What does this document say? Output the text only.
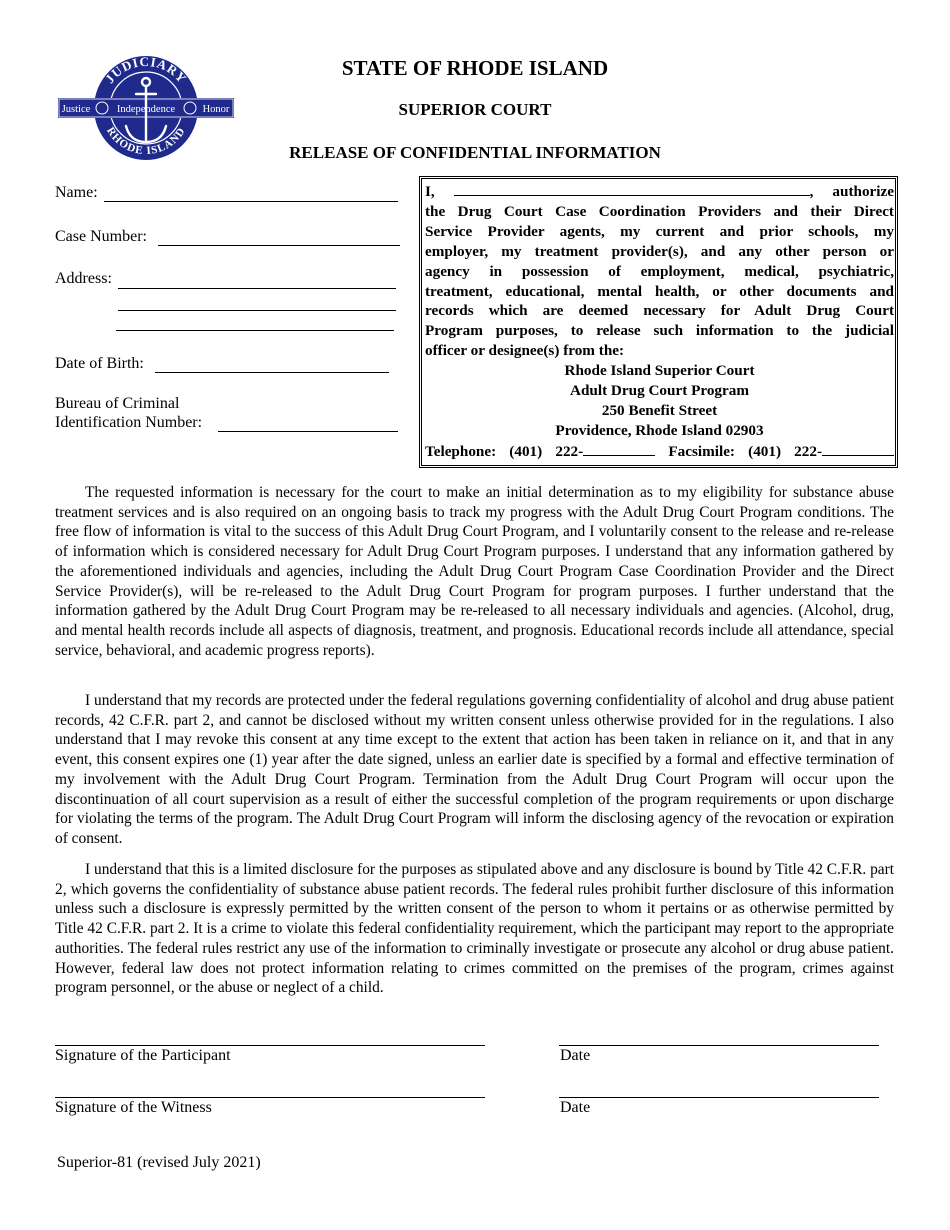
JUDICIARY
RHODE ISLAND
Justice	Independence	Honor
STATE OF RHODE ISLAND
SUPERIOR COURT
RELEASE OF CONFIDENTIAL INFORMATION
Name:
Case Number:
Address:
Date of Birth:
Bureau of Criminal
Identification Number:
I,	, authorize
the Drug Court Case Coordination Providers and their Direct
Service Provider agents, my current and prior schools, my
employer, my treatment provider(s), and any other person or
agency in possession of employment, medical, psychiatric,
treatment, educational, mental health, or other documents and
records which are deemed necessary for Adult Drug Court
Program purposes, to release such information to the judicial
officer or designee(s) from the:
Rhode Island Superior Court
Adult Drug Court Program
250 Benefit Street
Providence, Rhode Island 02903
Telephone: (401) 222-	Facsimile: (401) 222-

The requested information is necessary for the court to make an initial determination as to my eligibility for substance abuse treatment services and is also required on an ongoing basis to track my progress with the Adult Drug Court Program conditions. The free flow of information is vital to the success of this Adult Drug Court Program, and I voluntarily consent to the release and re-release of information which is considered necessary for Adult Drug Court Program purposes. I understand that any information gathered by the aforementioned individuals and agencies, including the Adult Drug Court Program Case Coordination Provider and the Direct Service Provider(s), will be re-released to the Adult Drug Court Program for program purposes. I further understand that the information gathered by the Adult Drug Court Program may be re-released to all necessary individuals and agencies. (Alcohol, drug, and mental health records include all aspects of diagnosis, treatment, and prognosis. Educational records include all attendance, special service, behavioral, and academic progress reports).

I understand that my records are protected under the federal regulations governing confidentiality of alcohol and drug abuse patient records, 42 C.F.R. part 2, and cannot be disclosed without my written consent unless otherwise provided for in the regulations. I also understand that I may revoke this consent at any time except to the extent that action has been taken in reliance on it, and that in any event, this consent expires one (1) year after the date signed, unless an earlier date is specified by a formal and effective termination of my involvement with the Adult Drug Court Program. Termination from the Adult Drug Court Program will occur upon the discontinuation of all court supervision as a result of either the successful completion of the program requirements or upon discharge for violating the terms of the program. The Adult Drug Court Program will inform the disclosing agency of the revocation or expiration of consent.

I understand that this is a limited disclosure for the purposes as stipulated above and any disclosure is bound by Title 42 C.F.R. part 2, which governs the confidentiality of substance abuse patient records. The federal rules prohibit further disclosure of this information unless such a disclosure is expressly permitted by the written consent of the person to whom it pertains or as otherwise permitted by Title 42 C.F.R. part 2. It is a crime to violate this federal confidentiality requirement, which the participant may report to the appropriate authorities. The federal rules restrict any use of the information to criminally investigate or prosecute any alcohol or drug abuse patient. However, federal law does not protect information relating to crimes committed on the premises of the program, crimes against program personnel, or the abuse or neglect of a child.

Signature of the Participant	Date
Signature of the Witness	Date
Superior-81 (revised July 2021)
